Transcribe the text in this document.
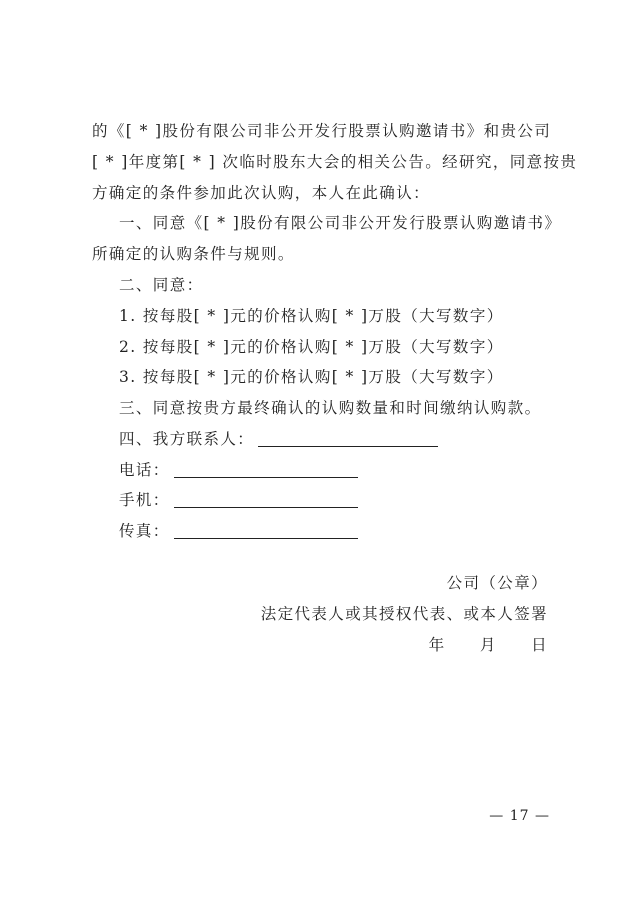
的《[ * ]股份有限公司非公开发行股票认购邀请书》和贵公司
[ * ]年度第[ * ] 次临时股东大会的相关公告。经研究，同意按贵
方确定的条件参加此次认购，本人在此确认：
一、同意《[ * ]股份有限公司非公开发行股票认购邀请书》
所确定的认购条件与规则。
二、同意：
1. 按每股[ * ]元的价格认购[ * ]万股（大写数字）
2. 按每股[ * ]元的价格认购[ * ]万股（大写数字）
3. 按每股[ * ]元的价格认购[ * ]万股（大写数字）
三、同意按贵方最终确认的认购数量和时间缴纳认购款。
四、我方联系人：
电话：
手机：
传真：
公司（公章）
法定代表人或其授权代表、或本人签署
年 月 日
— 17 —
